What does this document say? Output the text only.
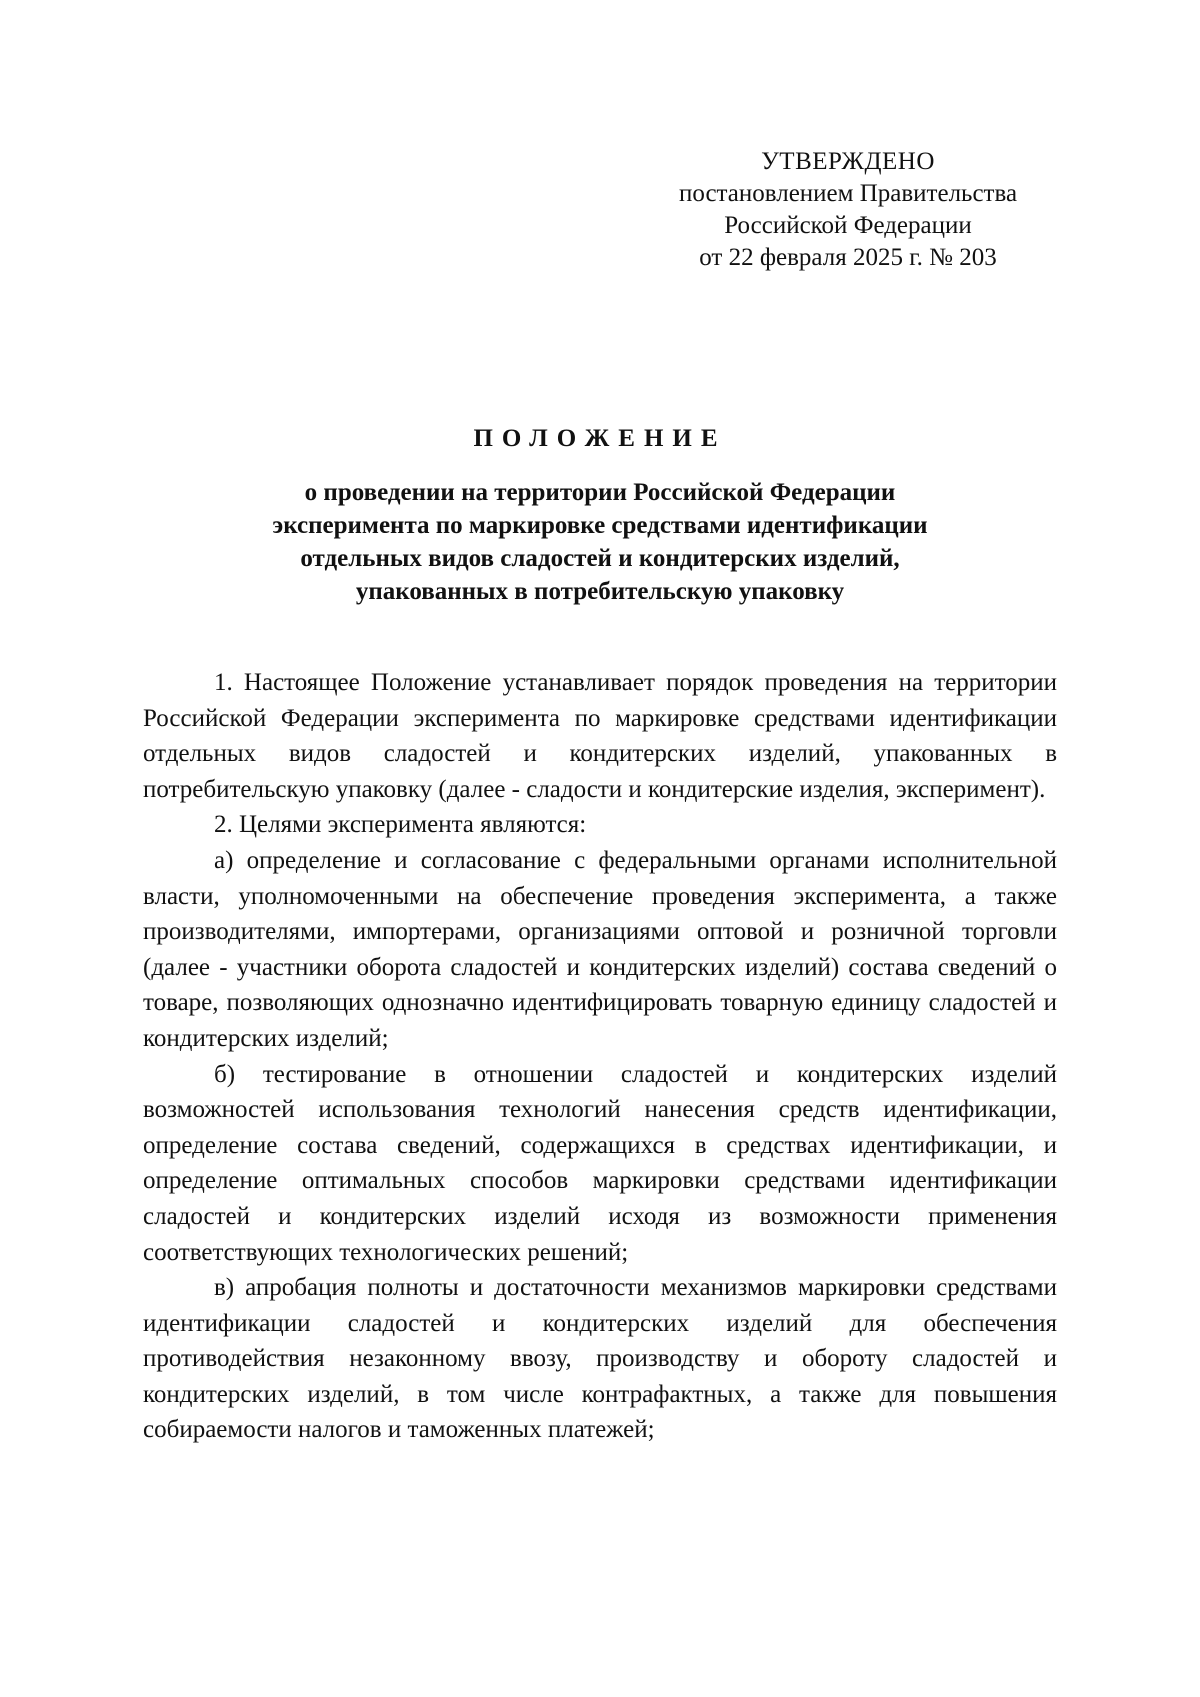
УТВЕРЖДЕНО
постановлением Правительства
Российской Федерации
от 22 февраля 2025 г. № 203
ПОЛОЖЕНИЕ
о проведении на территории Российской Федерации
эксперимента по маркировке средствами идентификации
отдельных видов сладостей и кондитерских изделий,
упакованных в потребительскую упаковку

1. Настоящее Положение устанавливает порядок проведения на территории Российской Федерации эксперимента по маркировке средствами идентификации отдельных видов сладостей и кондитерских изделий, упакованных в потребительскую упаковку (далее - сладости и кондитерские изделия, эксперимент).

2. Целями эксперимента являются:

а) определение и согласование с федеральными органами исполнительной власти, уполномоченными на обеспечение проведения эксперимента, а также производителями, импортерами, организациями оптовой и розничной торговли (далее - участники оборота сладостей и кондитерских изделий) состава сведений о товаре, позволяющих однозначно идентифицировать товарную единицу сладостей и кондитерских изделий;

б) тестирование в отношении сладостей и кондитерских изделий возможностей использования технологий нанесения средств идентификации, определение состава сведений, содержащихся в средствах идентификации, и определение оптимальных способов маркировки средствами идентификации сладостей и кондитерских изделий исходя из возможности применения соответствующих технологических решений;

в) апробация полноты и достаточности механизмов маркировки средствами идентификации сладостей и кондитерских изделий для обеспечения противодействия незаконному ввозу, производству и обороту сладостей и кондитерских изделий, в том числе контрафактных, а также для повышения собираемости налогов и таможенных платежей;
